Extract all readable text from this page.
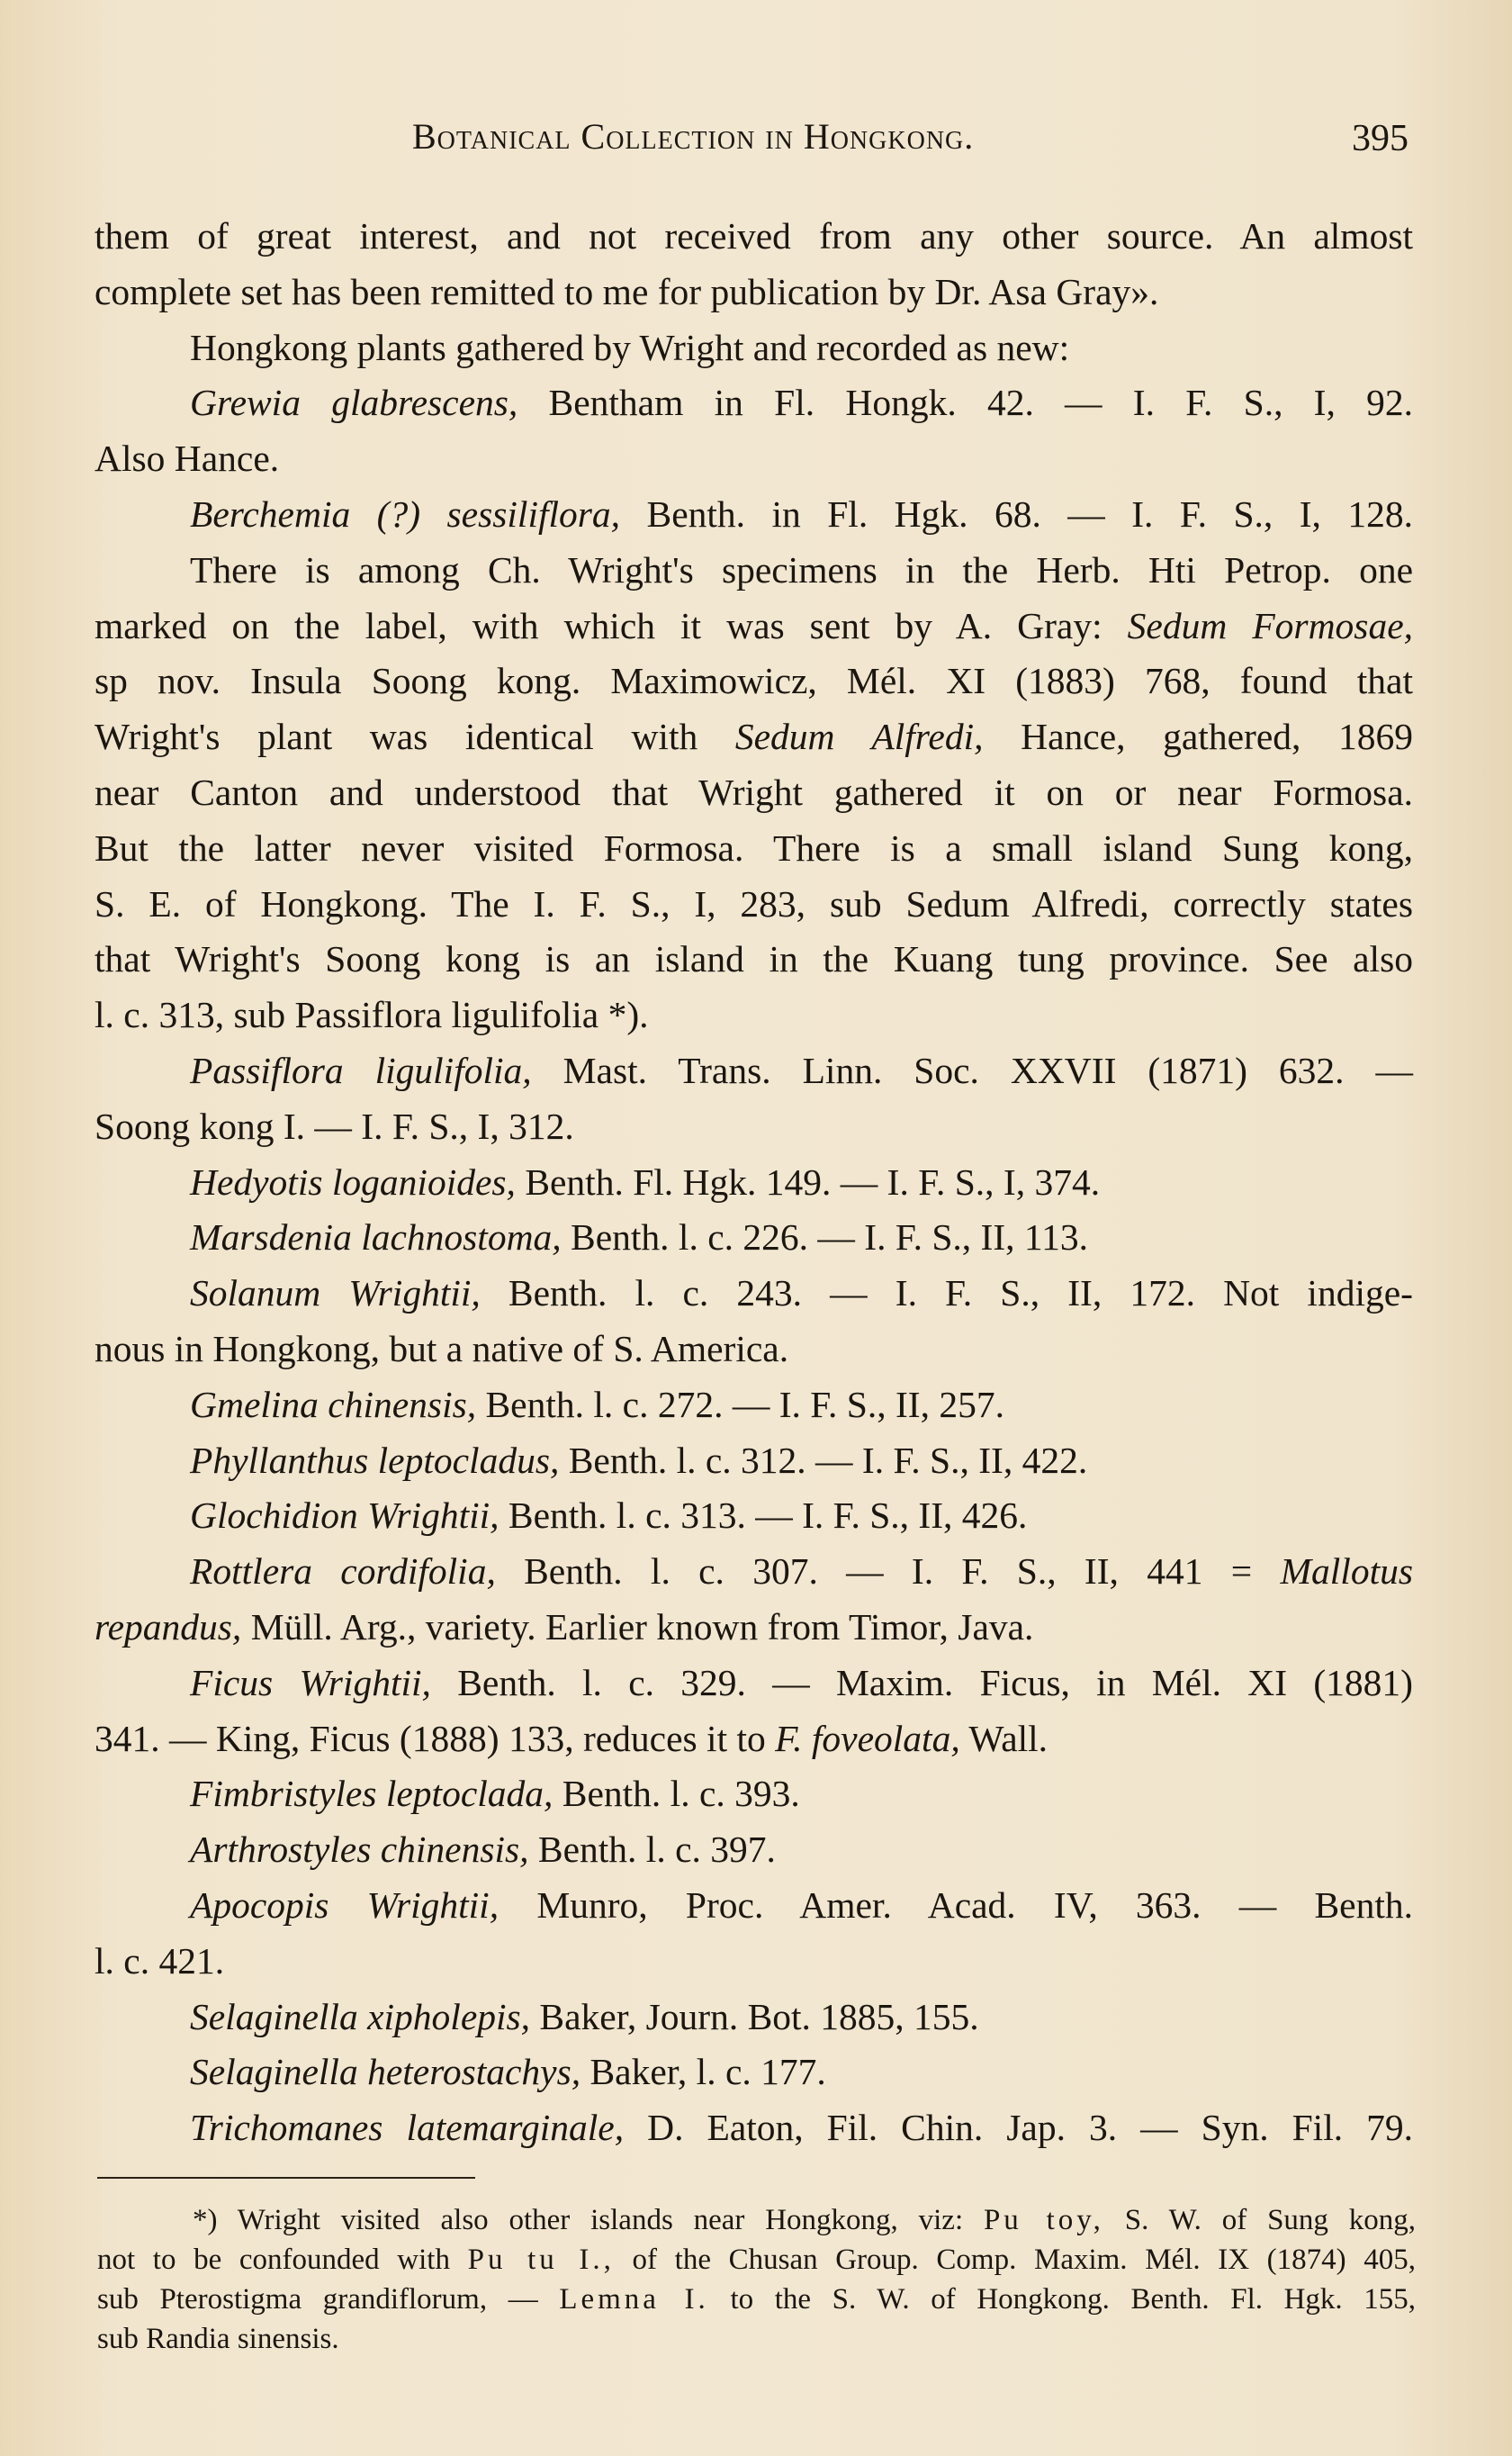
Botanical Collection in Hongkong.	395
them of great interest, and not received from any other source. An almost
complete set has been remitted to me for publication by Dr. Asa Gray».
Hongkong plants gathered by Wright and recorded as new:
Grewia glabrescens, Bentham in Fl. Hongk. 42. — I. F. S., I, 92.
Also Hance.
Berchemia (?) sessiliflora, Benth. in Fl. Hgk. 68. — I. F. S., I, 128.
There is among Ch. Wright's specimens in the Herb. Hti Petrop. one
marked on the label, with which it was sent by A. Gray: Sedum Formosae,
sp nov. Insula Soong kong. Maximowicz, Mél. XI (1883) 768, found that
Wright's plant was identical with Sedum Alfredi, Hance, gathered, 1869
near Canton and understood that Wright gathered it on or near Formosa.
But the latter never visited Formosa. There is a small island Sung kong,
S. E. of Hongkong. The I. F. S., I, 283, sub Sedum Alfredi, correctly states
that Wright's Soong kong is an island in the Kuang tung province. See also
l. c. 313, sub Passiflora ligulifolia *).
Passiflora ligulifolia, Mast. Trans. Linn. Soc. XXVII (1871) 632. —
Soong kong I. — I. F. S., I, 312.
Hedyotis loganioides, Benth. Fl. Hgk. 149. — I. F. S., I, 374.
Marsdenia lachnostoma, Benth. l. c. 226. — I. F. S., II, 113.
Solanum Wrightii, Benth. l. c. 243. — I. F. S., II, 172. Not indige-
nous in Hongkong, but a native of S. America.
Gmelina chinensis, Benth. l. c. 272. — I. F. S., II, 257.
Phyllanthus leptocladus, Benth. l. c. 312. — I. F. S., II, 422.
Glochidion Wrightii, Benth. l. c. 313. — I. F. S., II, 426.
Rottlera cordifolia, Benth. l. c. 307. — I. F. S., II, 441 = Mallotus
repandus, Müll. Arg., variety. Earlier known from Timor, Java.
Ficus Wrightii, Benth. l. c. 329. — Maxim. Ficus, in Mél. XI (1881)
341. — King, Ficus (1888) 133, reduces it to F. foveolata, Wall.
Fimbristyles leptoclada, Benth. l. c. 393.
Arthrostyles chinensis, Benth. l. c. 397.
Apocopis Wrightii, Munro, Proc. Amer. Acad. IV, 363. — Benth.
l. c. 421.
Selaginella xipholepis, Baker, Journ. Bot. 1885, 155.
Selaginella heterostachys, Baker, l. c. 177.
Trichomanes latemarginale, D. Eaton, Fil. Chin. Jap. 3. — Syn. Fil. 79.
*) Wright visited also other islands near Hongkong, viz: Pu toy, S. W. of Sung kong,
not to be confounded with Pu tu I., of the Chusan Group. Comp. Maxim. Mél. IX (1874) 405,
sub Pterostigma grandiflorum, — Lemna I. to the S. W. of Hongkong. Benth. Fl. Hgk. 155,
sub Randia sinensis.
